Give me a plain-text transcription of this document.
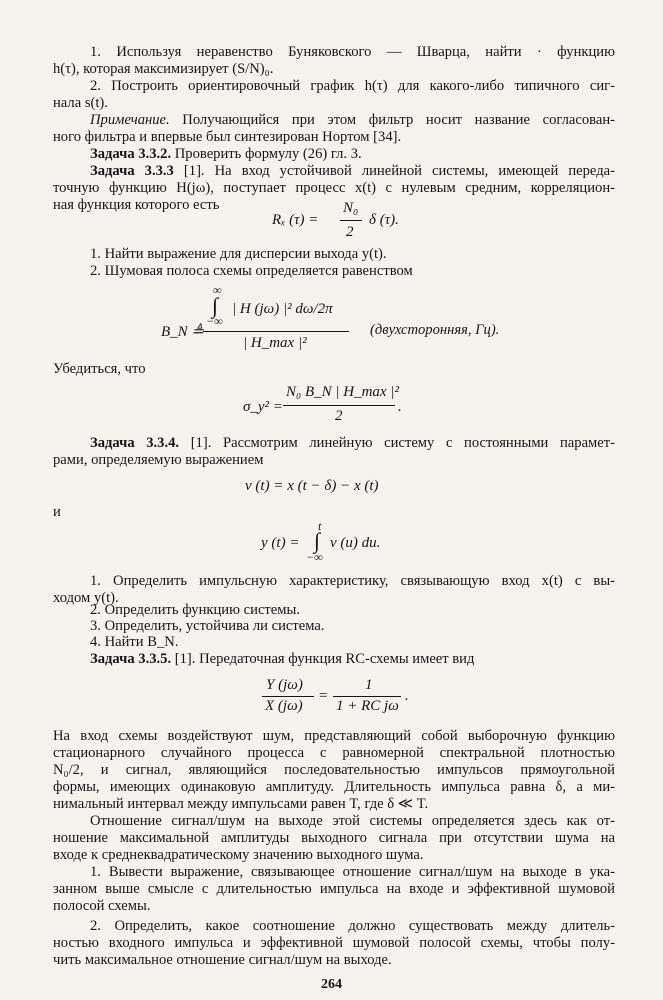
1. Используя неравенство Буняковского — Шварца, найти · функцию
h(τ), которая максимизирует (S/N)₀.
2. Построить ориентировочный график h(τ) для какого-либо типичного сиг-
нала s(t).
Примечание. Получающийся при этом фильтр носит название согласован-
ного фильтра и впервые был синтезирован Нортом [34].
Задача 3.3.2. Проверить формулу (26) гл. 3.
Задача 3.3.3 [1]. На вход устойчивой линейной системы, имеющей переда-
точную функцию H(jω), поступает процесс x(t) с нулевым средним, корреляцион-
ная функция которого есть
Rₓ (τ) =
N₀
2
δ (τ).
1. Найти выражение для дисперсии выхода y(t).
2. Шумовая полоса схемы определяется равенством
∞
∫
−∞
| H (jω) |² dω/2π
B_N ≜
| H_max |²
(двухсторонняя, Гц).
Убедиться, что
σ_y² =
N₀ B_N | H_max |²
2
.
Задача 3.3.4. [1]. Рассмотрим линейную систему с постоянными парамет-
рами, определяемую выражением
v (t) = x (t − δ) − x (t)
и
t
∫
−∞
y (t) = v (u) du.
1. Определить импульсную характеристику, связывающую вход x(t) с вы-
ходом y(t).
2. Определить функцию системы.
3. Определить, устойчива ли система.
4. Найти B_N.
Задача 3.3.5. [1]. Передаточная функция RC-схемы имеет вид
Y (jω)
X (jω)
=
1
1 + RC jω
.
На вход схемы воздействуют шум, представляющий собой выборочную функцию
стационарного случайного процесса с равномерной спектральной плотностью
N₀/2, и сигнал, являющийся последовательностью импульсов прямоугольной
формы, имеющих одинаковую амплитуду. Длительность импульса равна δ, а ми-
нимальный интервал между импульсами равен T, где δ ≪ T.
Отношение сигнал/шум на выходе этой системы определяется здесь как от-
ношение максимальной амплитуды выходного сигнала при отсутствии шума на
входе к среднеквадратическому значению выходного шума.
1. Вывести выражение, связывающее отношение сигнал/шум на выходе в ука-
занном выше смысле с длительностью импульса на входе и эффективной шумовой
полосой схемы.
2. Определить, какое соотношение должно существовать между длитель-
ностью входного импульса и эффективной шумовой полосой схемы, чтобы полу-
чить максимальное отношение сигнал/шум на выходе.
264
